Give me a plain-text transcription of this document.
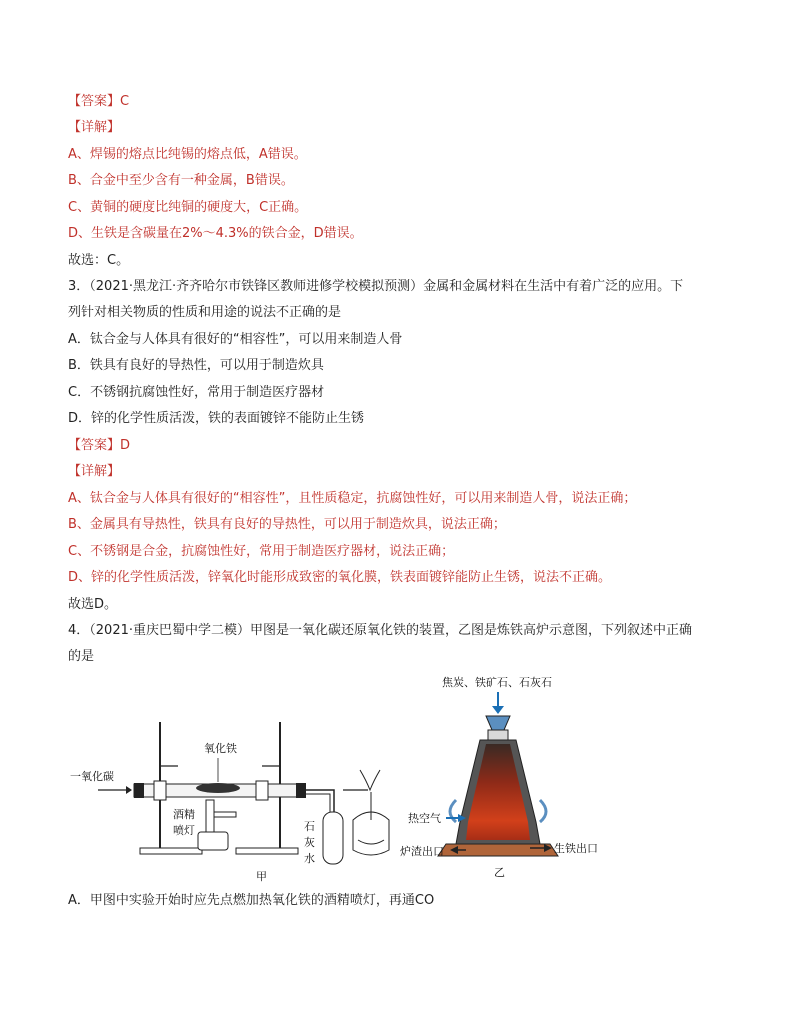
【答案】C
【详解】
A、焊锡的熔点比纯锡的熔点低，A错误。
B、合金中至少含有一种金属，B错误。
C、黄铜的硬度比纯铜的硬度大，C正确。
D、生铁是含碳量在2%～4.3%的铁合金，D错误。
故选：C。
3．（2021·黑龙江·齐齐哈尔市铁锋区教师进修学校模拟预测）金属和金属材料在生活中有着广泛的应用。下
列针对相关物质的性质和用途的说法不正确的是
A．钛合金与人体具有很好的“相容性”，可以用来制造人骨
B．铁具有良好的导热性，可以用于制造炊具
C．不锈钢抗腐蚀性好，常用于制造医疗器材
D．锌的化学性质活泼，铁的表面镀锌不能防止生锈
【答案】D
【详解】
A、钛合金与人体具有很好的“相容性”，且性质稳定，抗腐蚀性好，可以用来制造人骨，说法正确；
B、金属具有导热性，铁具有良好的导热性，可以用于制造炊具，说法正确；
C、不锈钢是合金，抗腐蚀性好，常用于制造医疗器材，说法正确；
D、锌的化学性质活泼，锌氧化时能形成致密的氧化膜，铁表面镀锌能防止生锈，说法不正确。
故选D。
4．（2021·重庆巴蜀中学二模）甲图是一氧化碳还原氧化铁的装置，乙图是炼铁高炉示意图，下列叙述中正确
的是
一氧化碳
氧化铁
酒精
喷灯	石
灰
水
甲
焦炭、铁矿石、石灰石
热空气
炉渣出口	生铁出口
乙
A．甲图中实验开始时应先点燃加热氧化铁的酒精喷灯，再通CO
